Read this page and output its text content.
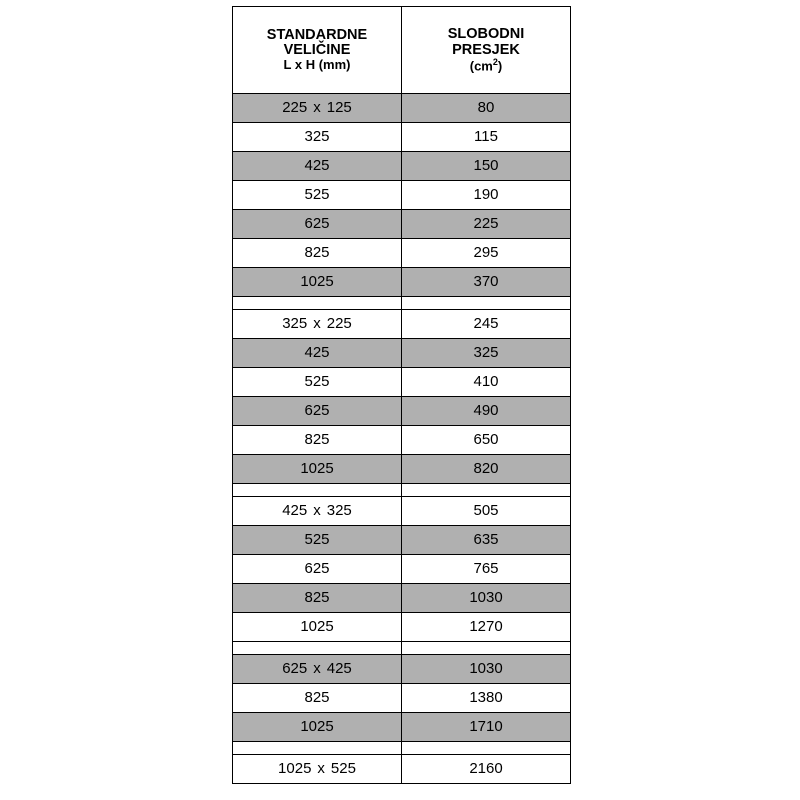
STANDARDNE
VELIČINE
L x H (mm)	SLOBODNI
PRESJEK
$(cm^2)$

225 x 125	80
325	115
425	150
525	190
625	225
825	295
1025	370

325 x 225	245
425	325
525	410
625	490
825	650
1025	820

425 x 325	505
525	635
625	765
825	1030
1025	1270

625 x 425	1030
825	1380
1025	1710

1025 x 525	2160
